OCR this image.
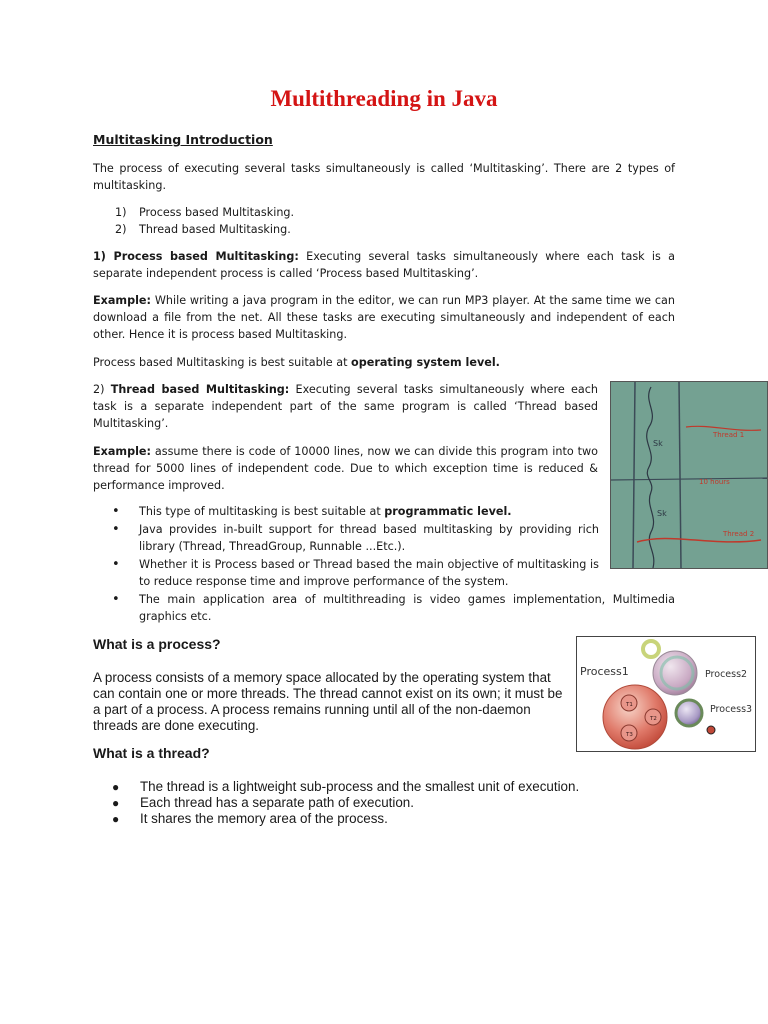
Multithreading in Java
Multitasking Introduction

The process of executing several tasks simultaneously is called ‘Multitasking’. There are 2 types of multitasking.

1)	Process based Multitasking.
2)	Thread based Multitasking.

1) Process based Multitasking: Executing several tasks simultaneously where each task is a separate independent process is called ‘Process based Multitasking’.

Example: While writing a java program in the editor, we can run MP3 player. At the same time we can download a file from the net. All these tasks are executing simultaneously and independent of each other. Hence it is process based Multitasking.

Process based Multitasking is best suitable at operating system level.

2) Thread based Multitasking: Executing several tasks simultaneously where each task is a separate independent part of the same program is called ‘Thread based Multitasking’.

Example: assume there is code of 10000 lines, now we can divide this program into two thread for 5000 lines of independent code. Due to which exception time is reduced & performance improved.

•	This type of multitasking is best suitable at programmatic level.
•	Java provides in-built support for thread based multitasking by providing rich library (Thread, ThreadGroup, Runnable ...Etc.).
•	Whether it is Process based or Thread based the main objective of multitasking is to reduce response time and improve performance of the system.
•	The main application area of multithreading is video games implementation, Multimedia graphics etc.
Sk
Thread 1
10 hours
Sk
Thread 2
What is a process?

A process consists of a memory space allocated by the operating system that can contain one or more threads. The thread cannot exist on its own; it must be a part of a process. A process remains running until all of the non-daemon threads are done executing.

T1
T2
T3
Process1	Process2
Process3
What is a thread?
●	The thread is a lightweight sub-process and the smallest unit of execution.
●	Each thread has a separate path of execution.
●	It shares the memory area of the process.
